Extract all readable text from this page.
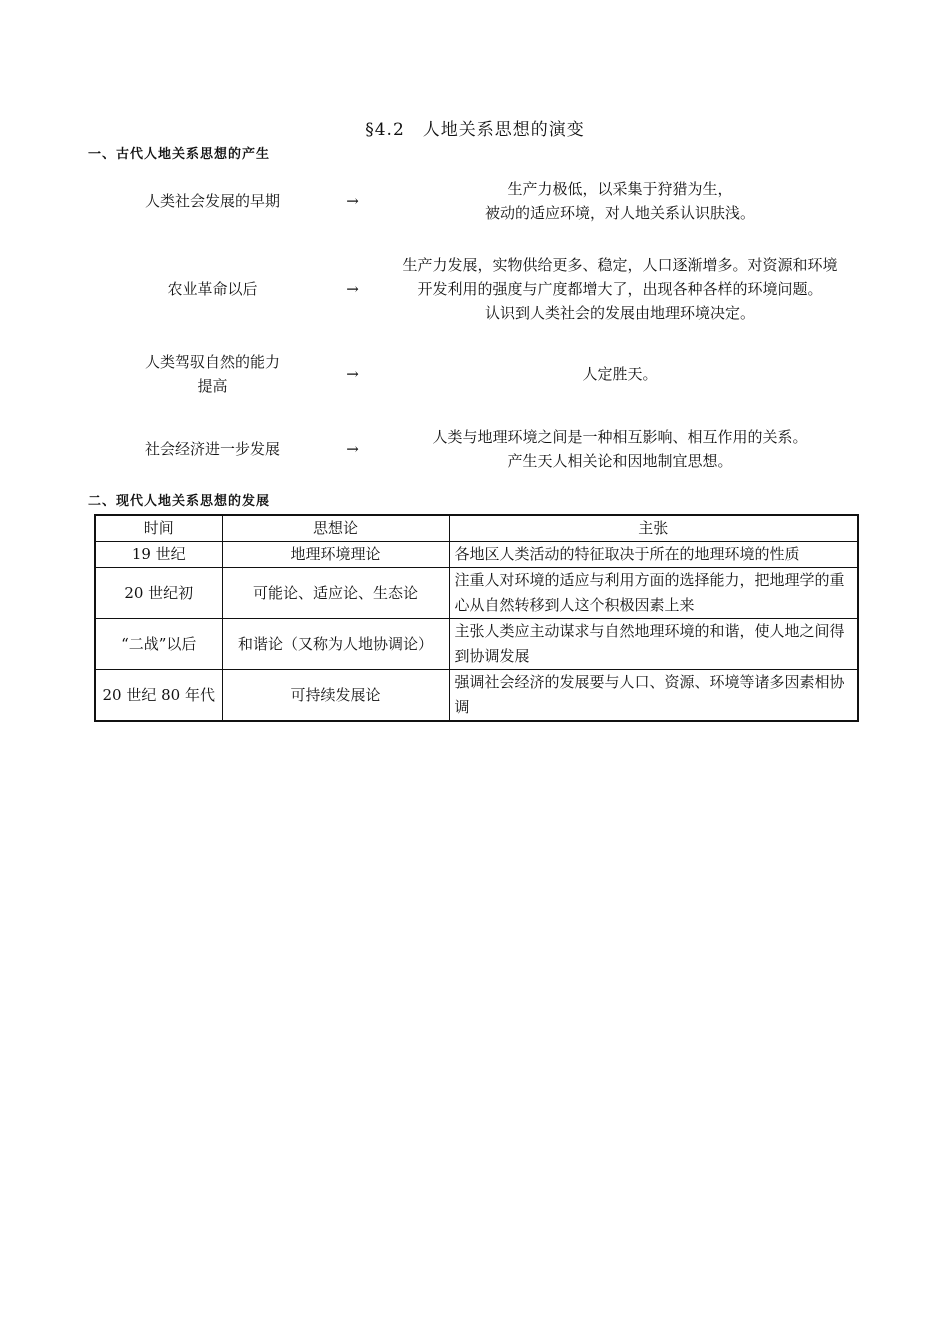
§4.2　人地关系思想的演变
一、古代人地关系思想的产生
人类社会发展的早期	→
生产力极低，以采集于狩猎为生，
被动的适应环境，对人地关系认识肤浅。
农业革命以后	→
生产力发展，实物供给更多、稳定，人口逐渐增多。对资源和环境
开发利用的强度与广度都增大了，出现各种各样的环境问题。
认识到人类社会的发展由地理环境决定。
人类驾驭自然的能力
提高
→	人定胜天。
社会经济进一步发展	→
人类与地理环境之间是一种相互影响、相互作用的关系。
产生天人相关论和因地制宜思想。
二、现代人地关系思想的发展
时间	思想论	主张
19 世纪	地理环境理论	各地区人类活动的特征取决于所在的地理环境的性质
20 世纪初	可能论、适应论、生态论	注重人对环境的适应与利用方面的选择能力，把地理学的重心从自然转移到人这个积极因素上来
“二战”以后	和谐论（又称为人地协调论）	主张人类应主动谋求与自然地理环境的和谐，使人地之间得到协调发展
20 世纪 80 年代	可持续发展论	强调社会经济的发展要与人口、资源、环境等诸多因素相协调
